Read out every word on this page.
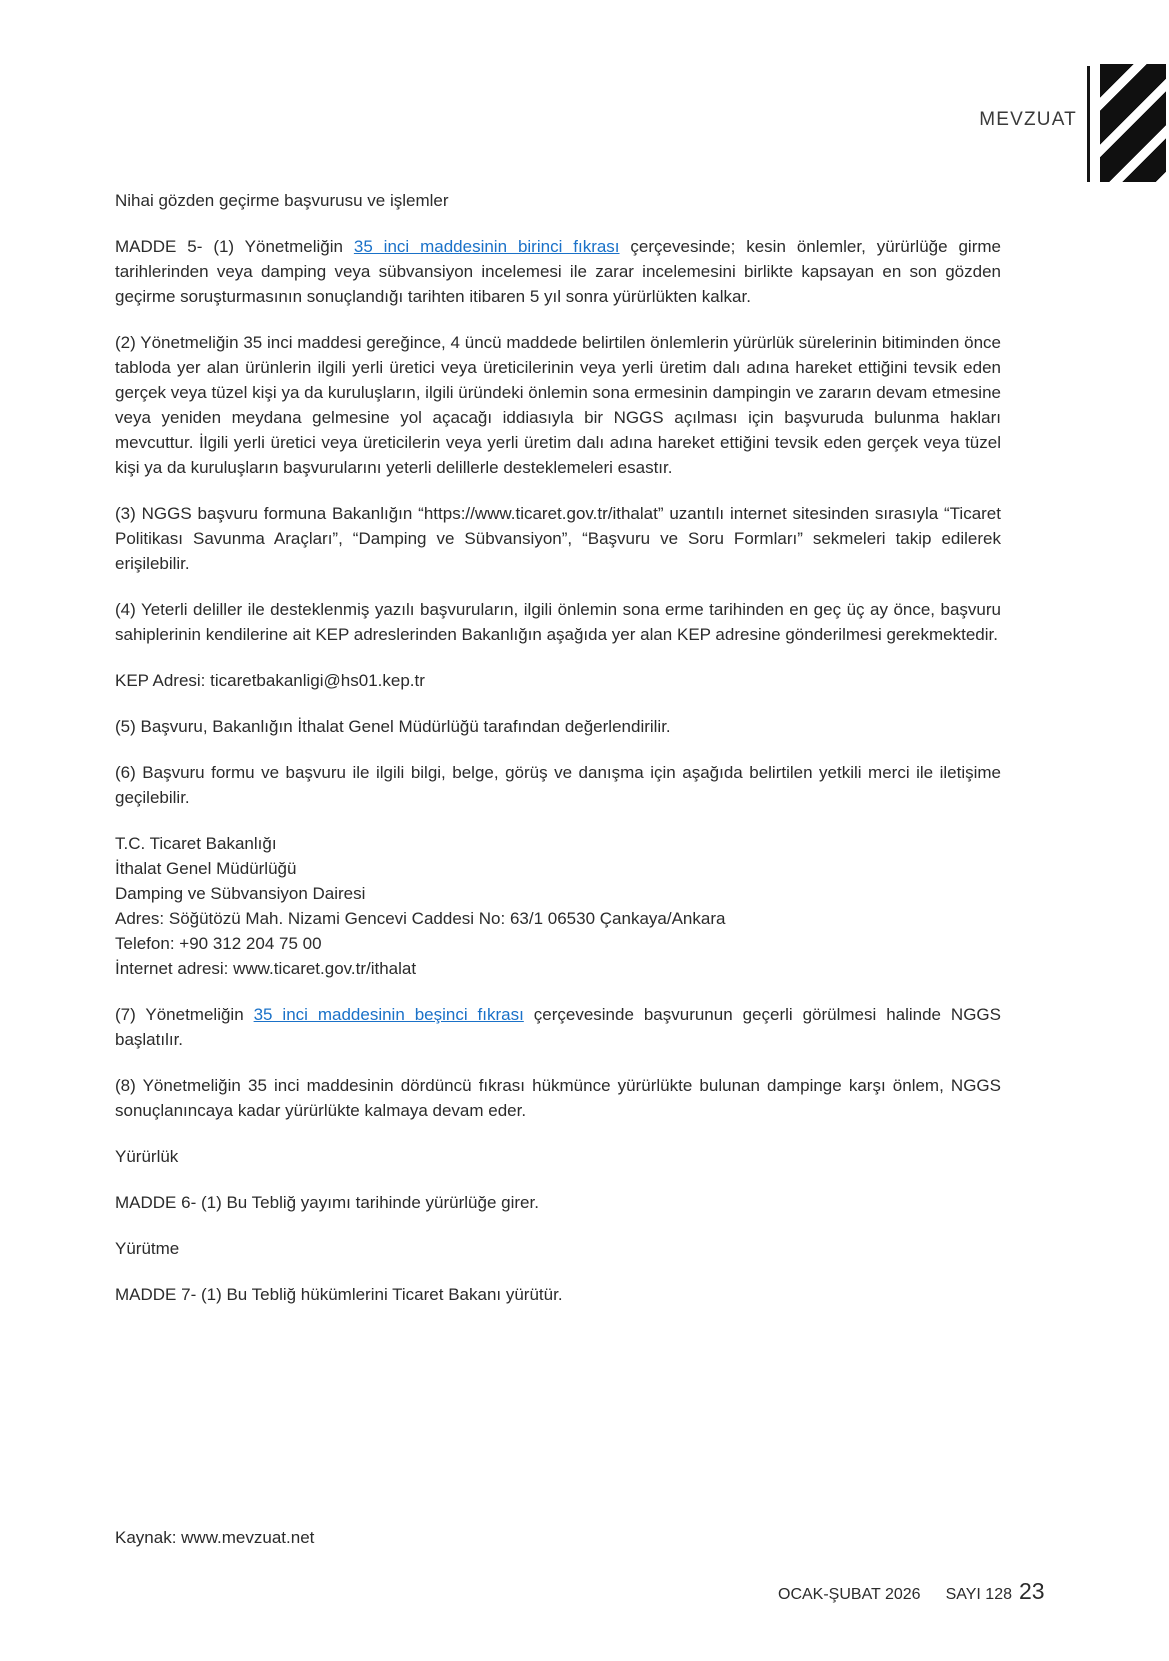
MEVZUAT

Nihai gözden geçirme başvurusu ve işlemler

MADDE 5- (1) Yönetmeliğin 35 inci maddesinin birinci fıkrası çerçevesinde; kesin önlemler, yürürlüğe girme tarihlerinden veya damping veya sübvansiyon incelemesi ile zarar incelemesini birlikte kapsayan en son gözden geçirme soruşturmasının sonuçlandığı tarihten itibaren 5 yıl sonra yürürlükten kalkar.

(2) Yönetmeliğin 35 inci maddesi gereğince, 4 üncü maddede belirtilen önlemlerin yürürlük sürelerinin bitiminden önce tabloda yer alan ürünlerin ilgili yerli üretici veya üreticilerinin veya yerli üretim dalı adına hareket ettiğini tevsik eden gerçek veya tüzel kişi ya da kuruluşların, ilgili üründeki önlemin sona ermesinin dampingin ve zararın devam etmesine veya yeniden meydana gelmesine yol açacağı iddiasıyla bir NGGS açılması için başvuruda bulunma hakları mevcuttur. İlgili yerli üretici veya üreticilerin veya yerli üretim dalı adına hareket ettiğini tevsik eden gerçek veya tüzel kişi ya da kuruluşların başvurularını yeterli delillerle desteklemeleri esastır.

(3) NGGS başvuru formuna Bakanlığın “https://www.ticaret.gov.tr/ithalat” uzantılı internet sitesinden sırasıyla “Ticaret Politikası Savunma Araçları”, “Damping ve Sübvansiyon”, “Başvuru ve Soru Formları” sekmeleri takip edilerek erişilebilir.

(4) Yeterli deliller ile desteklenmiş yazılı başvuruların, ilgili önlemin sona erme tarihinden en geç üç ay önce, başvuru sahiplerinin kendilerine ait KEP adreslerinden Bakanlığın aşağıda yer alan KEP adresine gönderilmesi gerekmektedir.

KEP Adresi: ticaretbakanligi@hs01.kep.tr

(5) Başvuru, Bakanlığın İthalat Genel Müdürlüğü tarafından değerlendirilir.

(6) Başvuru formu ve başvuru ile ilgili bilgi, belge, görüş ve danışma için aşağıda belirtilen yetkili merci ile iletişime geçilebilir.

T.C. Ticaret Bakanlığı
İthalat Genel Müdürlüğü
Damping ve Sübvansiyon Dairesi
Adres: Söğütözü Mah. Nizami Gencevi Caddesi No: 63/1 06530 Çankaya/Ankara
Telefon: +90 312 204 75 00
İnternet adresi: www.ticaret.gov.tr/ithalat

(7) Yönetmeliğin 35 inci maddesinin beşinci fıkrası çerçevesinde başvurunun geçerli görülmesi halinde NGGS başlatılır.

(8) Yönetmeliğin 35 inci maddesinin dördüncü fıkrası hükmünce yürürlükte bulunan dampinge karşı önlem, NGGS sonuçlanıncaya kadar yürürlükte kalmaya devam eder.

Yürürlük

MADDE 6- (1) Bu Tebliğ yayımı tarihinde yürürlüğe girer.

Yürütme

MADDE 7- (1) Bu Tebliğ hükümlerini Ticaret Bakanı yürütür.

Kaynak: www.mevzuat.net
OCAK-ŞUBAT 2026 SAYI 128 23
